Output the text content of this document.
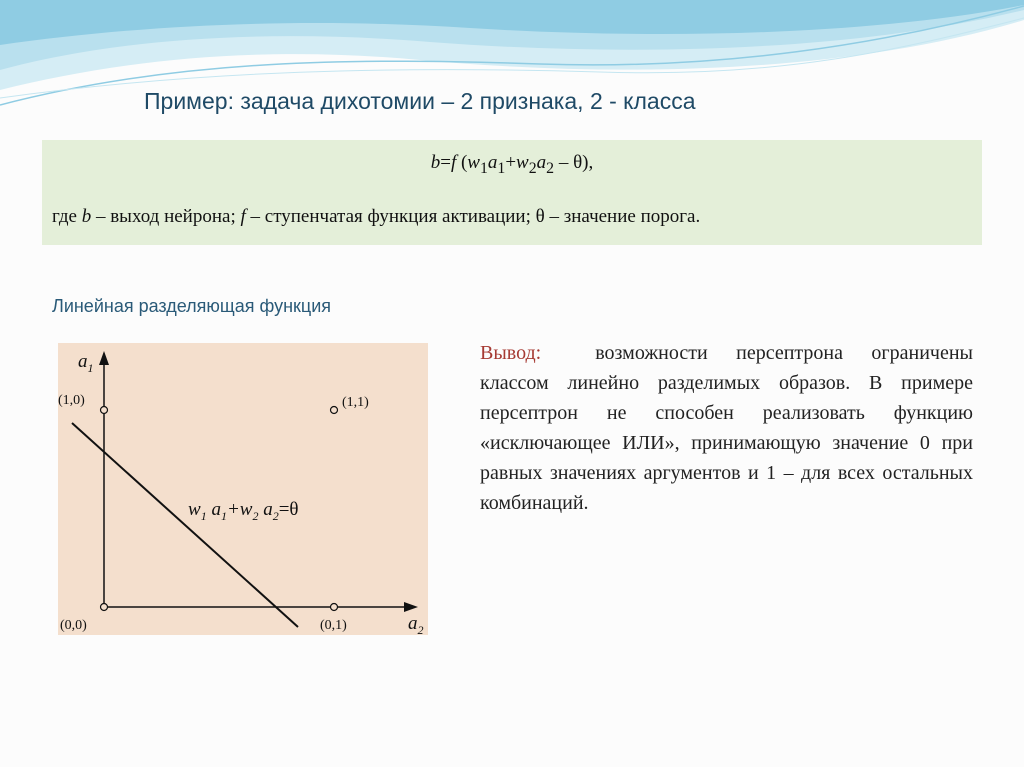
Пример: задача дихотомии – 2 признака, 2 - класса
b=f $(w_1a_1+w_2a_2 - \theta)$,
где b – выход нейрона; f – ступенчатая функция активации; θ – значение порога.
Линейная разделяющая функция
$a_1$
$a_2$
$w_1$ $a_1+w_2$ $a_2=\theta$
(0,0)	(0,1)
(1,0)	(1,1)
Вывод:	возможности персептрона ограничены классом линейно разделимых образов. В примере персептрон не способен реализовать функцию «исключающее ИЛИ», принимающую значение 0 при равных значениях аргументов и 1 – для всех остальных комбинаций.
